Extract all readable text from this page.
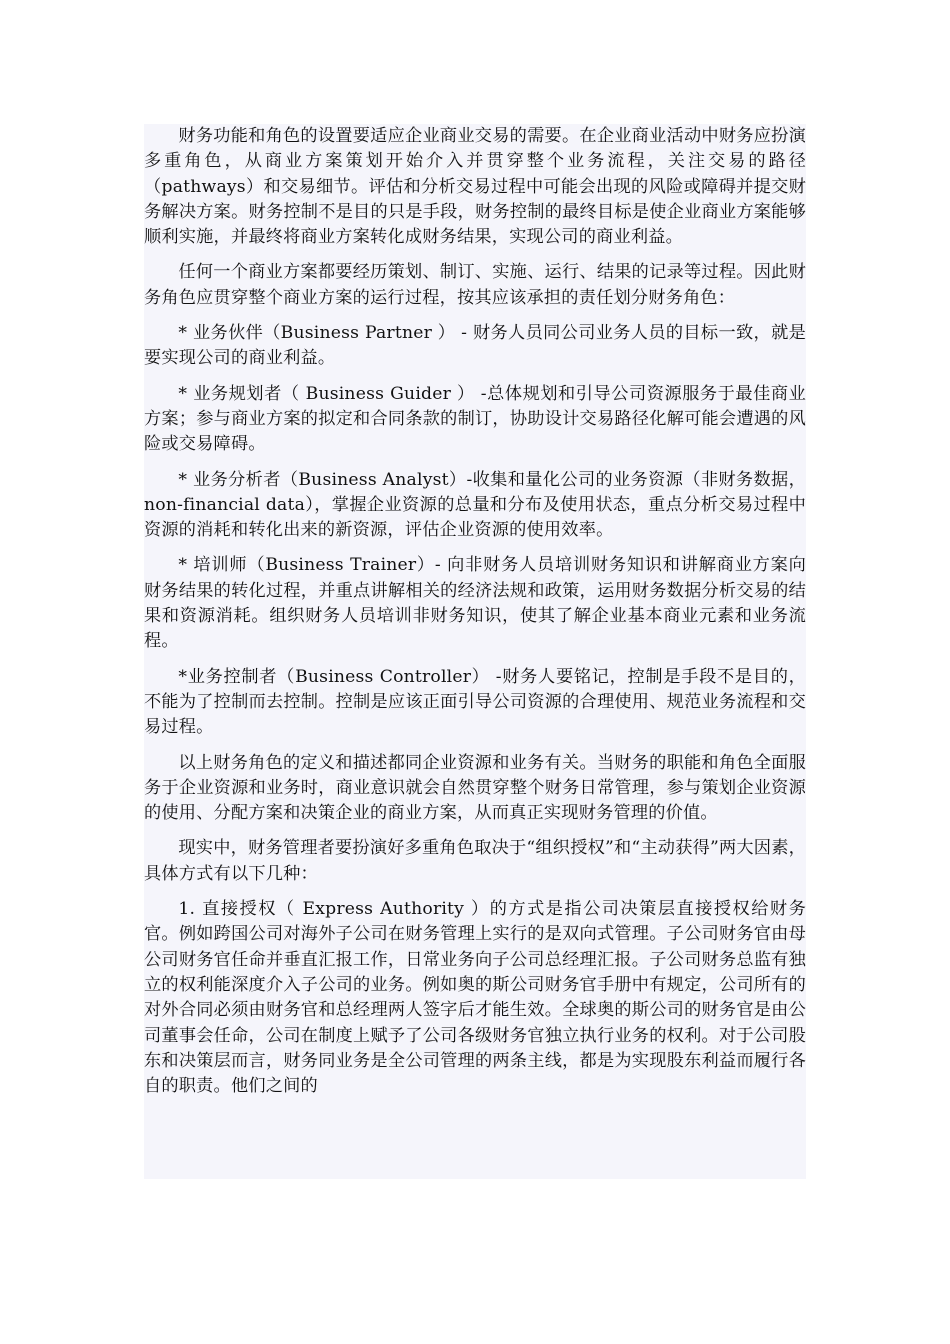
财务功能和角色的设置要适应企业商业交易的需要。在企业商业活动中财务应扮演多重角色，从商业方案策划开始介入并贯穿整个业务流程，关注交易的路径（pathways）和交易细节。评估和分析交易过程中可能会出现的风险或障碍并提交财务解决方案。财务控制不是目的只是手段，财务控制的最终目标是使企业商业方案能够顺利实施，并最终将商业方案转化成财务结果，实现公司的商业利益。

任何一个商业方案都要经历策划、制订、实施、运行、结果的记录等过程。因此财务角色应贯穿整个商业方案的运行过程，按其应该承担的责任划分财务角色：

* 业务伙伴（Business Partner ） - 财务人员同公司业务人员的目标一致，就是要实现公司的商业利益。

* 业务规划者（ Business Guider ） -总体规划和引导公司资源服务于最佳商业方案；参与商业方案的拟定和合同条款的制订，协助设计交易路径化解可能会遭遇的风险或交易障碍。

* 业务分析者（Business Analyst）-收集和量化公司的业务资源（非财务数据，non-financial data），掌握企业资源的总量和分布及使用状态，重点分析交易过程中资源的消耗和转化出来的新资源，评估企业资源的使用效率。

* 培训师（Business Trainer）- 向非财务人员培训财务知识和讲解商业方案向财务结果的转化过程，并重点讲解相关的经济法规和政策，运用财务数据分析交易的结果和资源消耗。组织财务人员培训非财务知识，使其了解企业基本商业元素和业务流程。

*业务控制者（Business Controller） -财务人要铭记，控制是手段不是目的，不能为了控制而去控制。控制是应该正面引导公司资源的合理使用、规范业务流程和交易过程。

以上财务角色的定义和描述都同企业资源和业务有关。当财务的职能和角色全面服务于企业资源和业务时，商业意识就会自然贯穿整个财务日常管理，参与策划企业资源的使用、分配方案和决策企业的商业方案，从而真正实现财务管理的价值。

现实中，财务管理者要扮演好多重角色取决于“组织授权”和“主动获得”两大因素，具体方式有以下几种：

1. 直接授权（ Express Authority ）的方式是指公司决策层直接授权给财务官。例如跨国公司对海外子公司在财务管理上实行的是双向式管理。子公司财务官由母公司财务官任命并垂直汇报工作，日常业务向子公司总经理汇报。子公司财务总监有独立的权利能深度介入子公司的业务。例如奥的斯公司财务官手册中有规定，公司所有的对外合同必须由财务官和总经理两人签字后才能生效。全球奥的斯公司的财务官是由公司董事会任命，公司在制度上赋予了公司各级财务官独立执行业务的权利。对于公司股东和决策层而言，财务同业务是全公司管理的两条主线，都是为实现股东利益而履行各自的职责。他们之间的
